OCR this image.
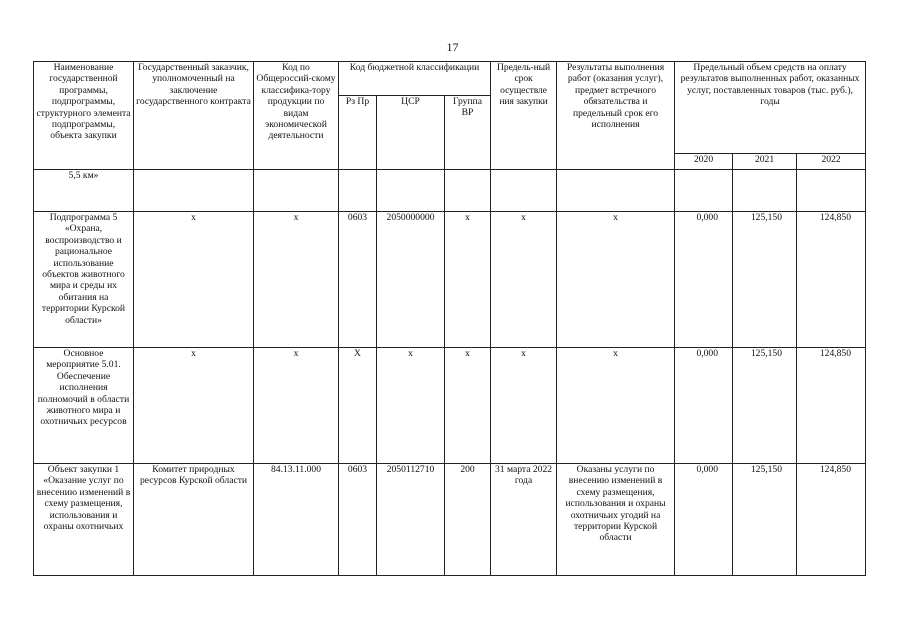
17
Наименование государственной программы, подпрограммы, структурного элемента подпрограммы, объекта закупки	Государственный заказчик, уполномоченный на заключение государственного контракта	Код по Общероссий-скому классифика-тору продукции по видам экономической деятельности	Код бюджетной классификации			Предель-ный срок осуществле ния закупки	Результаты выполнения работ (оказания услуг), предмет встречного обязательства и предельный срок его исполнения	Предельный объем средств на оплату результатов выполненных работ, оказанных услуг, поставленных товаров (тыс. руб.), годы		
			Рз Пр	ЦСР	Группа ВР					
								2020	2021	2022
5,5 км»										
Подпрограмма 5 «Охрана, воспроизводство и рациональное использование объектов животного мира и среды их обитания на территории Курской области»	х	х	0603	2050000000	х	х	х	0,000	125,150	124,850
Основное мероприятие 5.01. Обеспечение исполнения полномочий в области животного мира и охотничьих ресурсов	х	х	Х	х	х	х	х	0,000	125,150	124,850
Объект закупки 1 «Оказание услуг по внесению изменений в схему размещения, использования и охраны охотничьих	Комитет природных ресурсов Курской области	84.13.11.000	0603	2050112710	200	31 марта 2022 года	Оказаны услуги по внесению изменений в схему размещения, использования и охраны охотничьих угодий на территории Курской области	0,000	125,150	124,850
